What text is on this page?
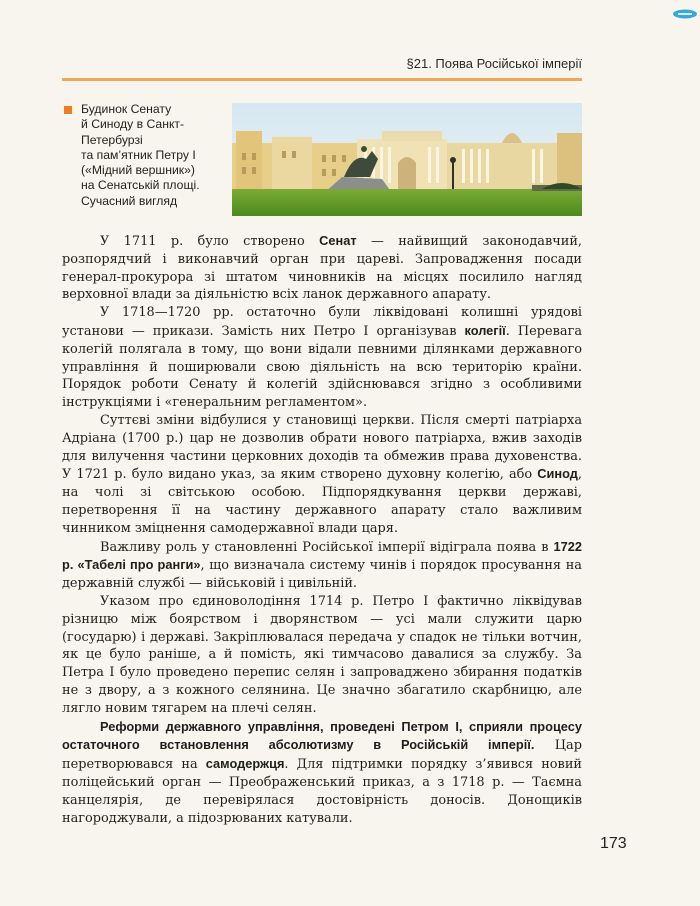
§21. Поява Російської імперії
Будинок Сенату
й Синоду в Санкт-
Петербурзі
та пам’ятник Петру І
(«Мідний вершник»)
на Сенатській площі.
Сучасний вигляд

У 1711 р. було створено Сенат — найвищий законодавчий, розпорядчий і виконавчий орган при цареві. Запровадження посади генерал-прокурора зі штатом чиновників на місцях посилило нагляд верховної влади за діяльністю всіх ланок державного апарату.

У 1718—1720 рр. остаточно були ліквідовані колишні урядові установи — прикази. Замість них Петро І організував колегії. Перевага колегій полягала в тому, що вони відали певними ділянками державного управління й поширювали свою діяльність на всю територію країни. Порядок роботи Сенату й колегій здійснювався згідно з особливими інструкціями і «генеральним регламентом».

Суттєві зміни відбулися у становищі церкви. Після смерті патріарха Адріана (1700 р.) цар не дозволив обрати нового патріарха, вжив заходів для вилучення частини церковних доходів та обмежив права духовенства. У 1721 р. було видано указ, за яким створено духовну колегію, або Синод, на чолі зі світською особою. Підпорядкування церкви державі, перетворення її на частину державного апарату стало важливим чинником зміцнення самодержавної влади царя.

Важливу роль у становленні Російської імперії відіграла поява в 1722 р. «Табелі про ранги», що визначала систему чинів і порядок просування на державній службі — військовій і цивільній.

Указом про єдиноволодіння 1714 р. Петро І фактично ліквідував різницю між боярством і дворянством — усі мали служити царю (государю) і державі. Закріплювалася передача у спадок не тільки вотчин, як це було раніше, а й помість, які тимчасово давалися за службу. За Петра І було проведено перепис селян і запроваджено збирання податків не з двору, а з кожного селянина. Це значно збагатило скарбницю, але лягло новим тягарем на плечі селян.

Реформи державного управління, проведені Петром І, сприяли процесу остаточного встановлення абсолютизму в Російській імперії. Цар перетворювався на самодержця. Для підтримки порядку з’явився новий поліцейський орган — Преображенський приказ, а з 1718 р. — Таємна канцелярія, де перевірялася достовірність доносів. Донощиків нагороджували, а підозрюваних катували.

173
